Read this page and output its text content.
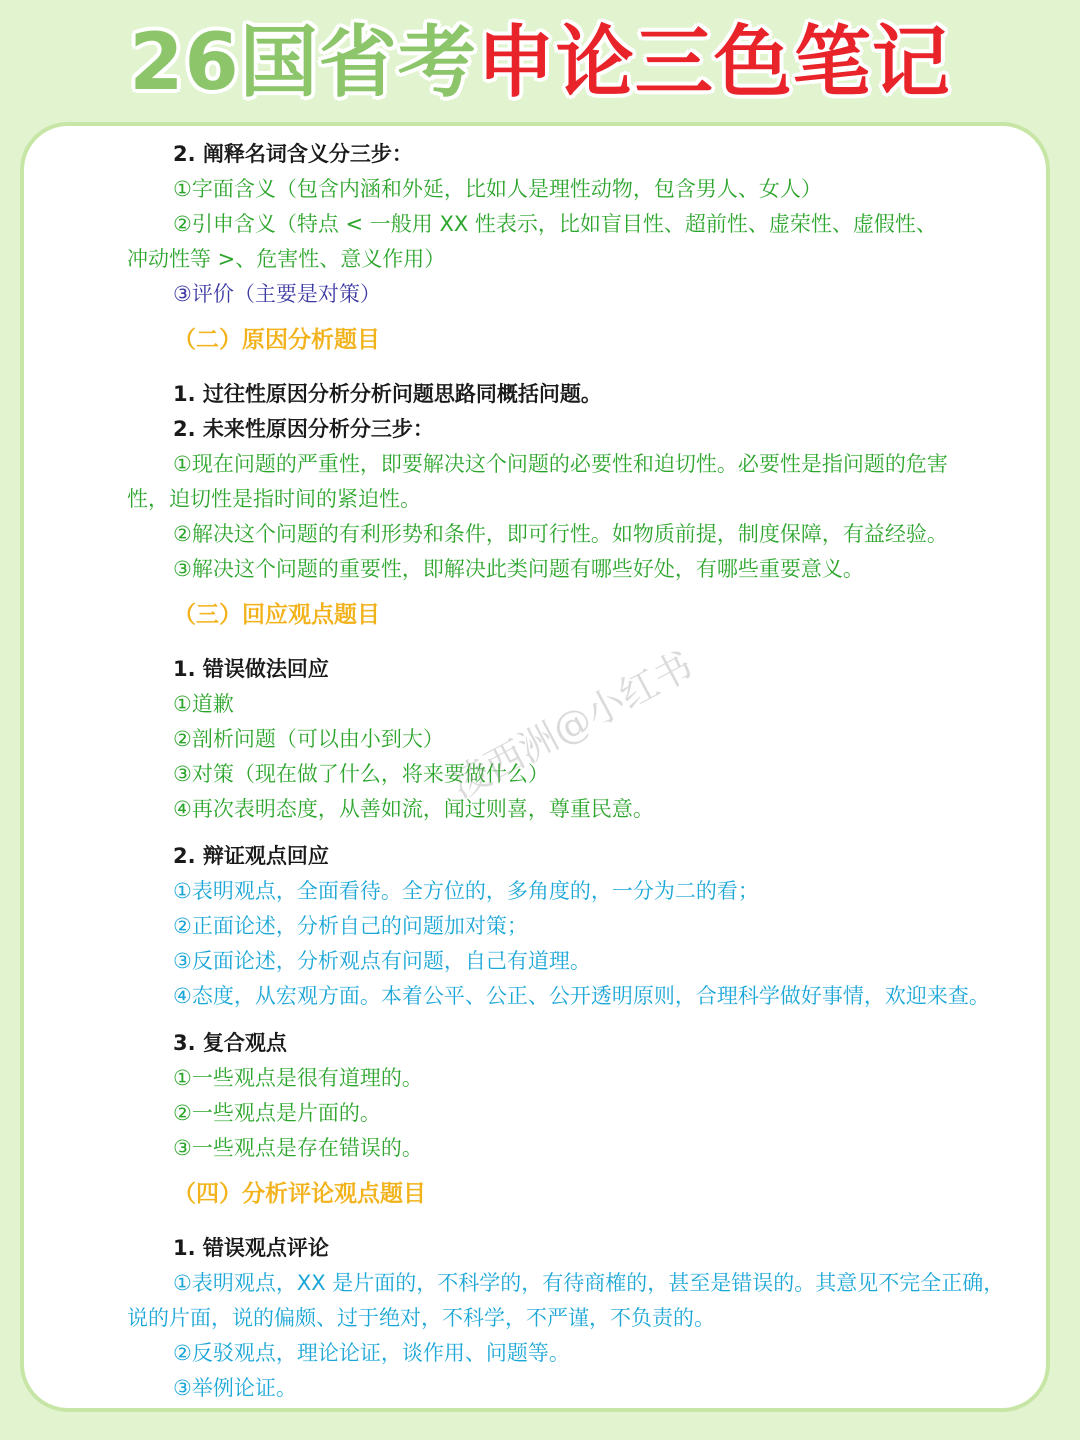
26国省考申论三色笔记
2. 阐释名词含义分三步：
①字面含义（包含内涵和外延，比如人是理性动物，包含男人、女人）
②引申含义（特点 < 一般用 XX 性表示，比如盲目性、超前性、虚荣性、虚假性、
冲动性等 >、危害性、意义作用）
③评价（主要是对策）
（二）原因分析题目
1. 过往性原因分析分析问题思路同概括问题。
2. 未来性原因分析分三步：
①现在问题的严重性，即要解决这个问题的必要性和迫切性。必要性是指问题的危害
性，迫切性是指时间的紧迫性。
②解决这个问题的有利形势和条件，即可行性。如物质前提，制度保障，有益经验。
③解决这个问题的重要性，即解决此类问题有哪些好处，有哪些重要意义。
（三）回应观点题目
1. 错误做法回应
①道歉
②剖析问题（可以由小到大）
③对策（现在做了什么，将来要做什么）
④再次表明态度，从善如流，闻过则喜，尊重民意。
2. 辩证观点回应
①表明观点，全面看待。全方位的，多角度的，一分为二的看；
②正面论述，分析自己的问题加对策；
③反面论述，分析观点有问题，自己有道理。
④态度，从宏观方面。本着公平、公正、公开透明原则，合理科学做好事情，欢迎来查。
3. 复合观点
①一些观点是很有道理的。
②一些观点是片面的。
③一些观点是存在错误的。
（四）分析评论观点题目
1. 错误观点评论
①表明观点，XX 是片面的，不科学的，有待商榷的，甚至是错误的。其意见不完全正确，
说的片面，说的偏颇、过于绝对，不科学，不严谨，不负责的。
②反驳观点，理论论证，谈作用、问题等。
③举例论证。
凌西洲@小红书
